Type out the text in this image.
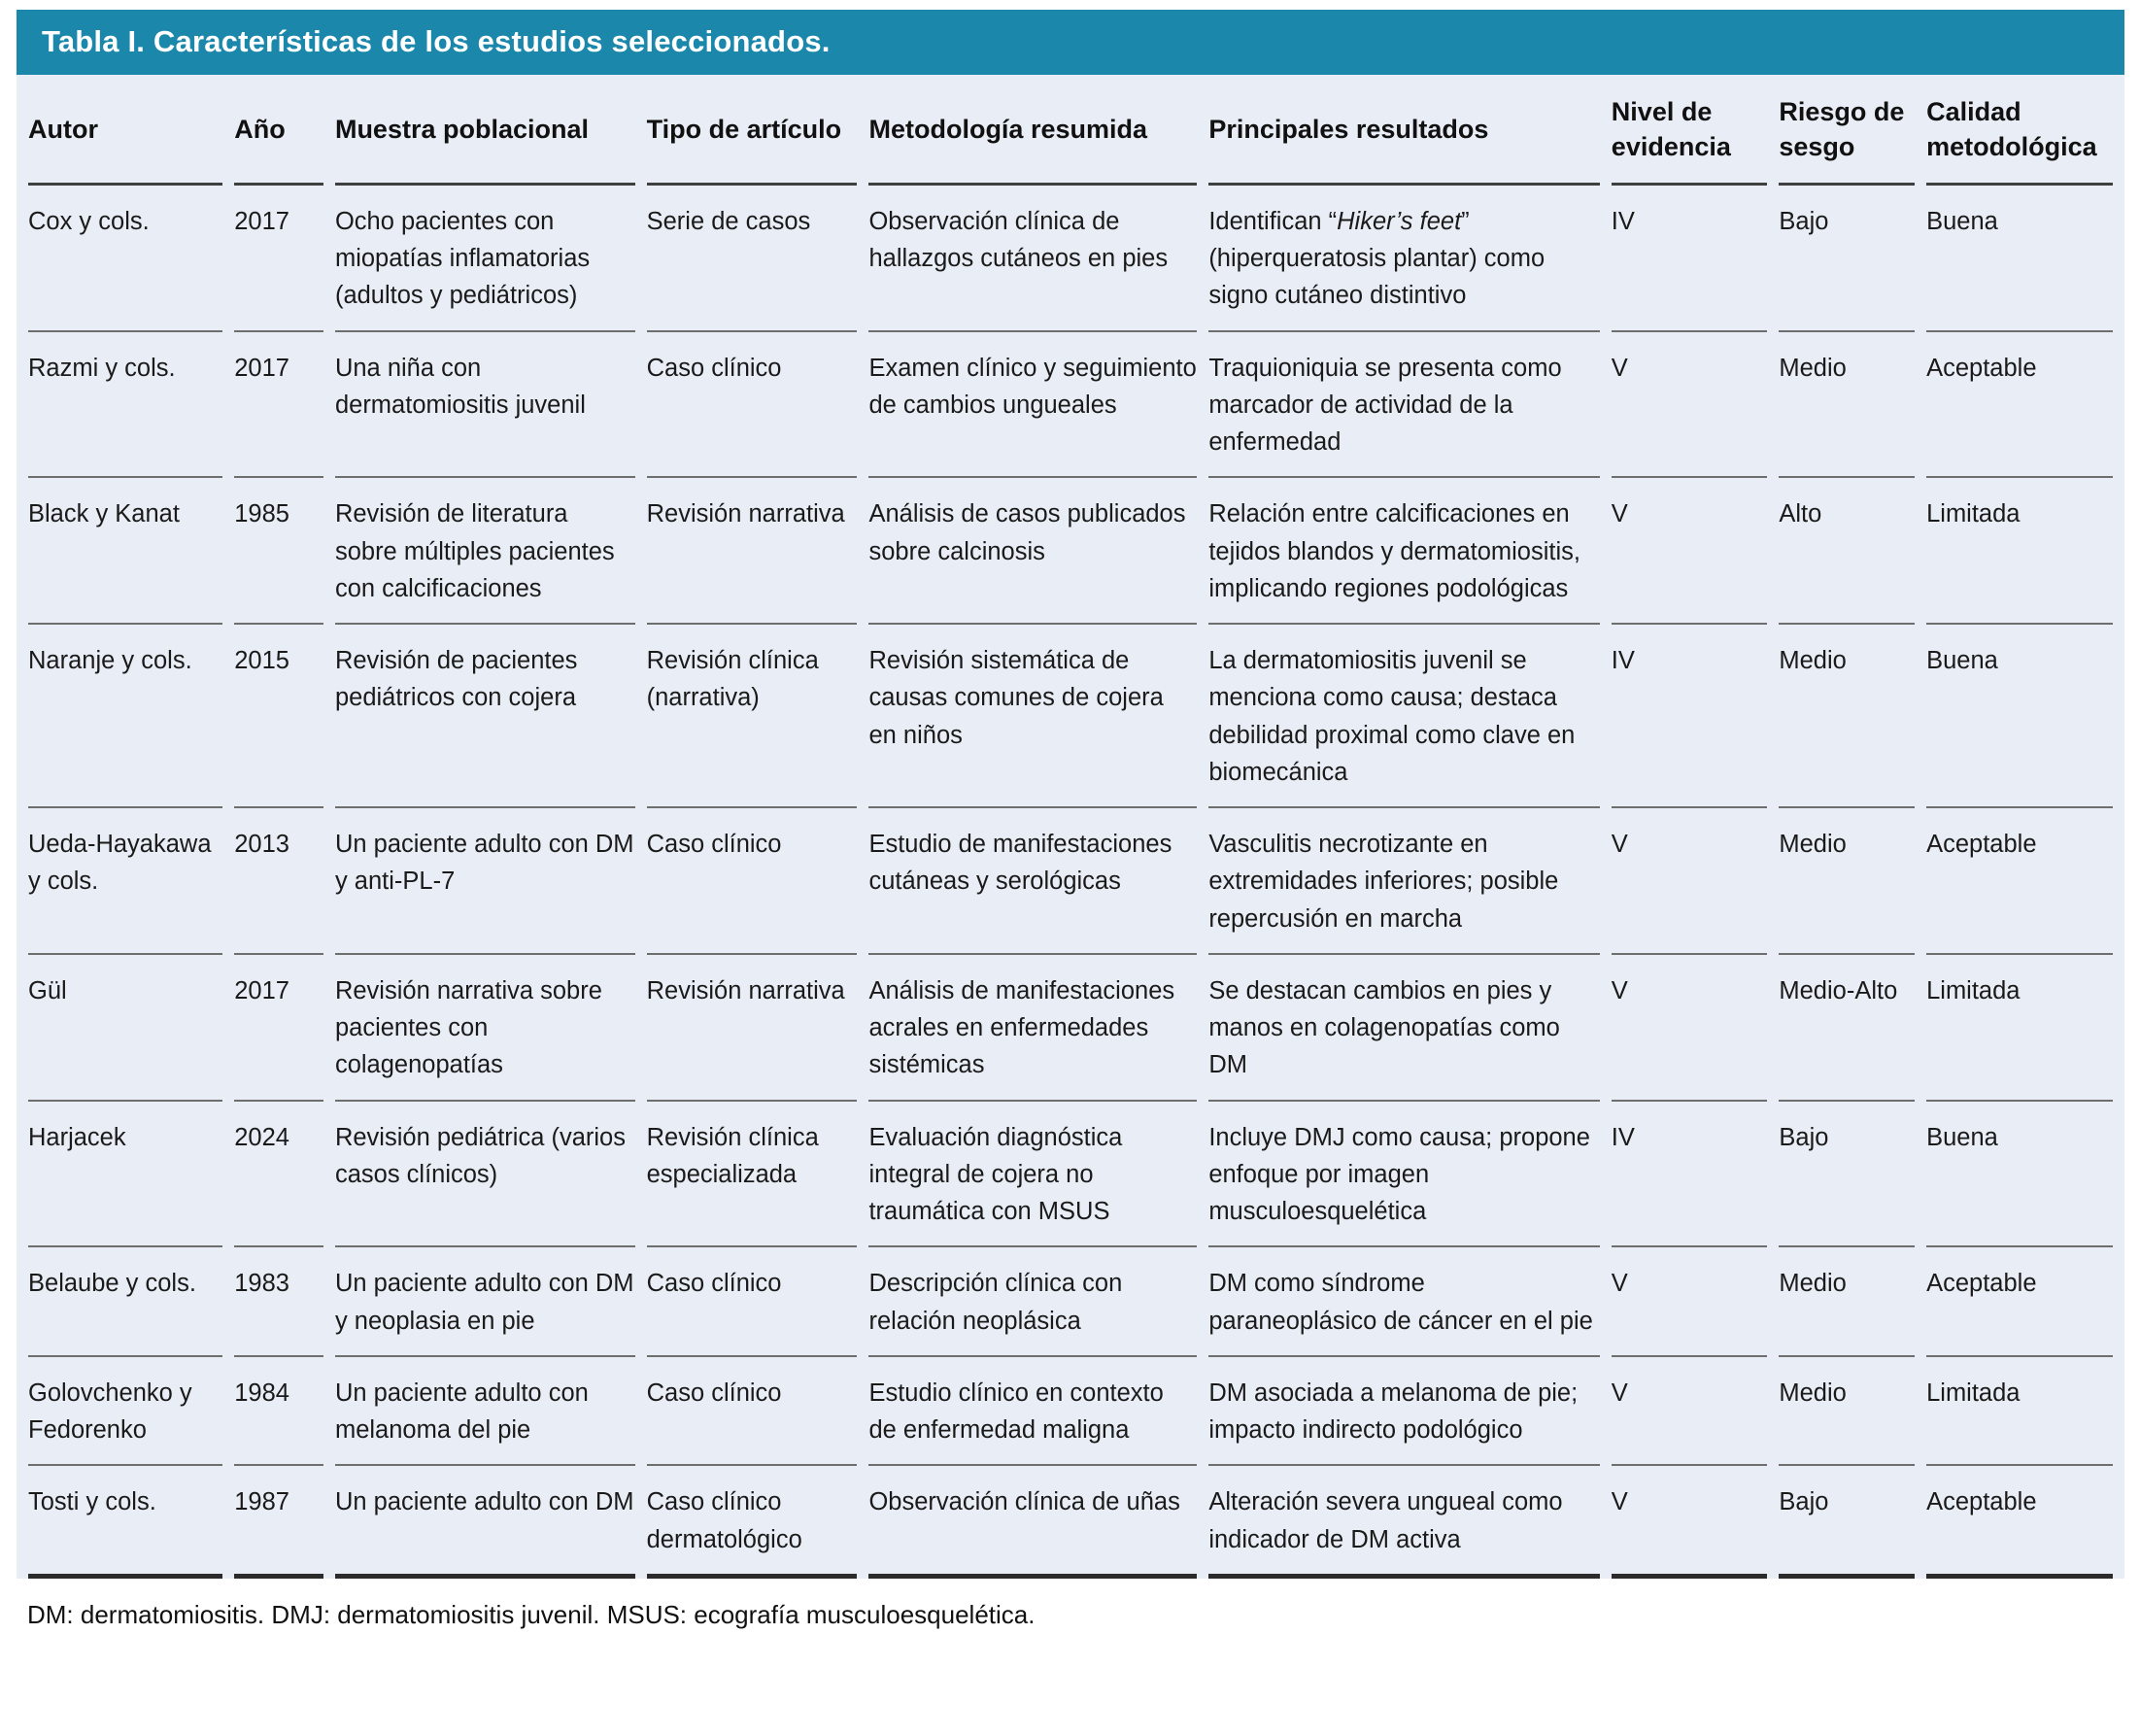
Tabla I. Características de los estudios seleccionados.
Autor	Año	Muestra poblacional	Tipo de artículo	Metodología resumida	Principales resultados	Nivel de evidencia	Riesgo de sesgo	Calidad metodológica
Cox y cols.	2017	Ocho pacientes con miopatías inflamatorias (adultos y pediátricos)	Serie de casos	Observación clínica de hallazgos cutáneos en pies	Identifican “Hiker’s feet” (hiperqueratosis plantar) como signo cutáneo distintivo	IV	Bajo	Buena
Razmi y cols.	2017	Una niña con dermatomiositis juvenil	Caso clínico	Examen clínico y seguimiento de cambios ungueales	Traquioniquia se presenta como marcador de actividad de la enfermedad	V	Medio	Aceptable
Black y Kanat	1985	Revisión de literatura sobre múltiples pacientes con calcificaciones	Revisión narrativa	Análisis de casos publicados sobre calcinosis	Relación entre calcificaciones en tejidos blandos y dermatomiositis, implicando regiones podológicas	V	Alto	Limitada
Naranje y cols.	2015	Revisión de pacientes pediátricos con cojera	Revisión clínica (narrativa)	Revisión sistemática de causas comunes de cojera en niños	La dermatomiositis juvenil se menciona como causa; destaca debilidad proximal como clave en biomecánica	IV	Medio	Buena
Ueda-Hayakawa y cols.	2013	Un paciente adulto con DM y anti-PL-7	Caso clínico	Estudio de manifestaciones cutáneas y serológicas	Vasculitis necrotizante en extremidades inferiores; posible repercusión en marcha	V	Medio	Aceptable
Gül	2017	Revisión narrativa sobre pacientes con colagenopatías	Revisión narrativa	Análisis de manifestaciones acrales en enfermedades sistémicas	Se destacan cambios en pies y manos en colagenopatías como DM	V	Medio-Alto	Limitada
Harjacek	2024	Revisión pediátrica (varios casos clínicos)	Revisión clínica especializada	Evaluación diagnóstica integral de cojera no traumática con MSUS	Incluye DMJ como causa; propone enfoque por imagen musculoesquelética	IV	Bajo	Buena
Belaube y cols.	1983	Un paciente adulto con DM y neoplasia en pie	Caso clínico	Descripción clínica con relación neoplásica	DM como síndrome paraneoplásico de cáncer en el pie	V	Medio	Aceptable
Golovchenko y Fedorenko	1984	Un paciente adulto con melanoma del pie	Caso clínico	Estudio clínico en contexto de enfermedad maligna	DM asociada a melanoma de pie; impacto indirecto podológico	V	Medio	Limitada
Tosti y cols.	1987	Un paciente adulto con DM	Caso clínico dermatológico	Observación clínica de uñas	Alteración severa ungueal como indicador de DM activa	V	Bajo	Aceptable
DM: dermatomiositis. DMJ: dermatomiositis juvenil. MSUS: ecografía musculoesquelética.
